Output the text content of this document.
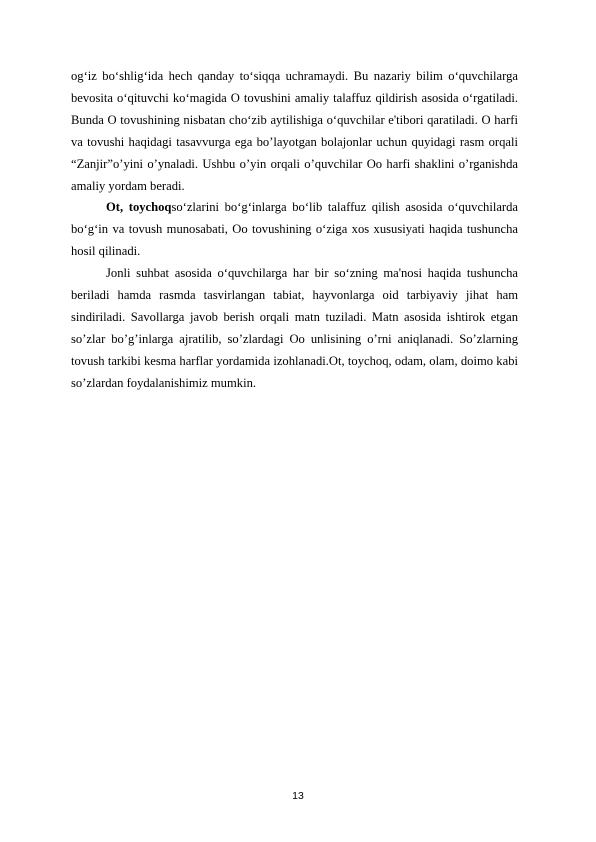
og‘iz bo‘shlig‘ida hech qanday to‘siqqa uchramaydi. Bu nazariy bilim o‘quvchilarga bevosita o‘qituvchi ko‘magida O tovushini amaliy talaffuz qildirish asosida o‘rgatiladi. Bunda O tovushining nisbatan cho‘zib aytilishiga o‘quvchilar e'tibori qaratiladi. O harfi va tovushi haqidagi tasavvurga ega bo’layotgan bolajonlar uchun quyidagi rasm orqali “Zanjir”o’yini o’ynaladi. Ushbu o’yin orqali o’quvchilar Oo harfi shaklini o’rganishda amaliy yordam beradi.

Ot, toychoqso‘zlarini bo‘g‘inlarga bo‘lib talaffuz qilish asosida o‘quvchilarda bo‘g‘in va tovush munosabati, Oo tovushining o‘ziga xos xususiyati haqida tushuncha hosil qilinadi.

Jonli suhbat asosida o‘quvchilarga har bir so‘zning ma'nosi haqida tushuncha beriladi hamda rasmda tasvirlangan tabiat, hayvonlarga oid tarbiyaviy jihat ham sindiriladi. Savollarga javob berish orqali matn tuziladi. Matn asosida ishtirok etgan so’zlar bo’g’inlarga ajratilib, so’zlardagi Oo unlisining o’rni aniqlanadi. So’zlarning tovush tarkibi kesma harflar yordamida izohlanadi.Ot, toychoq, odam, olam, doimo kabi so’zlardan foydalanishimiz mumkin.

13
